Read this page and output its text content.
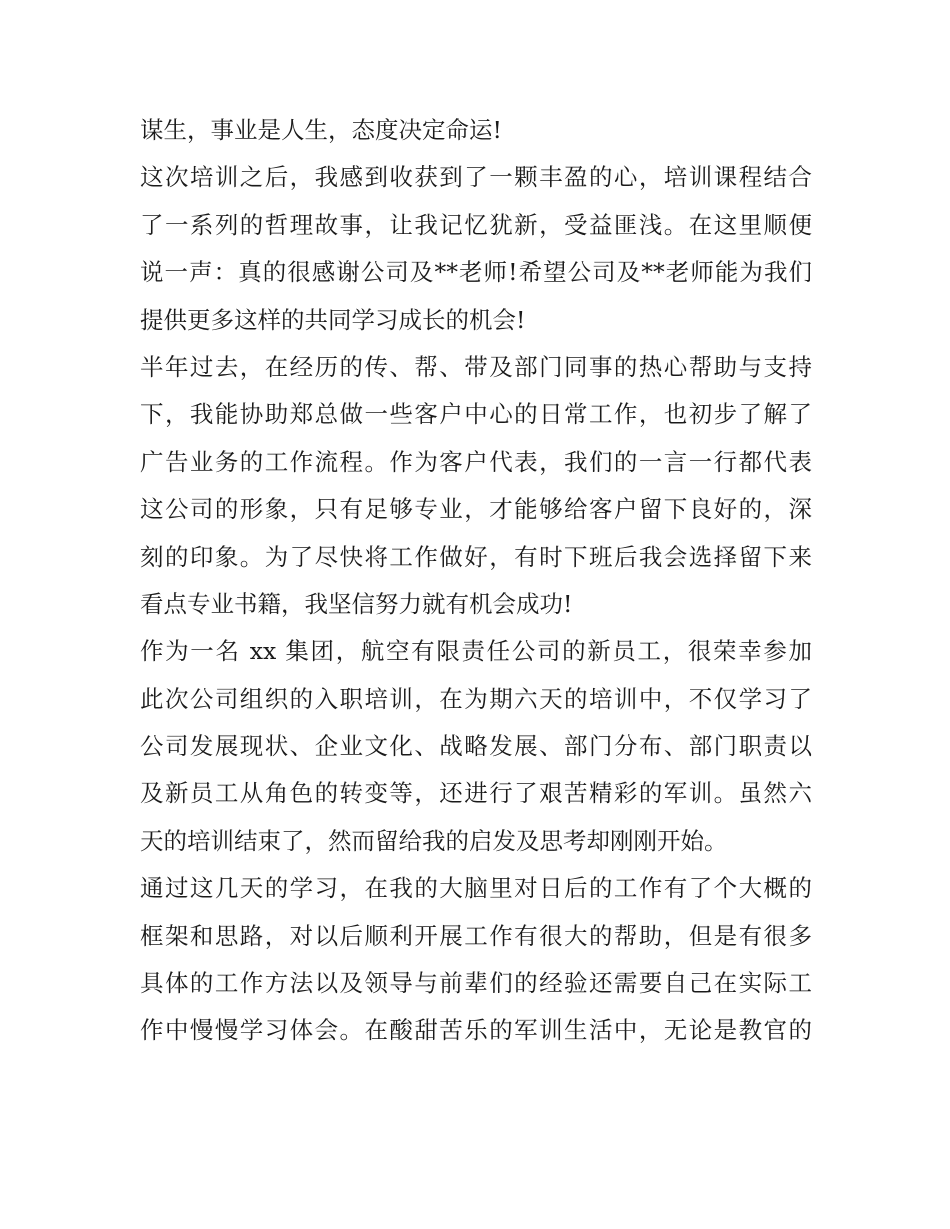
谋生，事业是人生，态度决定命运!
这次培训之后，我感到收获到了一颗丰盈的心，培训课程结合
了一系列的哲理故事，让我记忆犹新，受益匪浅。在这里顺便
说一声：真的很感谢公司及**老师!希望公司及**老师能为我们
提供更多这样的共同学习成长的机会!
半年过去，在经历的传、帮、带及部门同事的热心帮助与支持
下，我能协助郑总做一些客户中心的日常工作，也初步了解了
广告业务的工作流程。作为客户代表，我们的一言一行都代表
这公司的形象，只有足够专业，才能够给客户留下良好的，深
刻的印象。为了尽快将工作做好，有时下班后我会选择留下来
看点专业书籍，我坚信努力就有机会成功!
作为一名 xx 集团，航空有限责任公司的新员工，很荣幸参加
此次公司组织的入职培训，在为期六天的培训中，不仅学习了
公司发展现状、企业文化、战略发展、部门分布、部门职责以
及新员工从角色的转变等，还进行了艰苦精彩的军训。虽然六
天的培训结束了，然而留给我的启发及思考却刚刚开始。
通过这几天的学习，在我的大脑里对日后的工作有了个大概的
框架和思路，对以后顺利开展工作有很大的帮助，但是有很多
具体的工作方法以及领导与前辈们的经验还需要自己在实际工
作中慢慢学习体会。在酸甜苦乐的军训生活中，无论是教官的
